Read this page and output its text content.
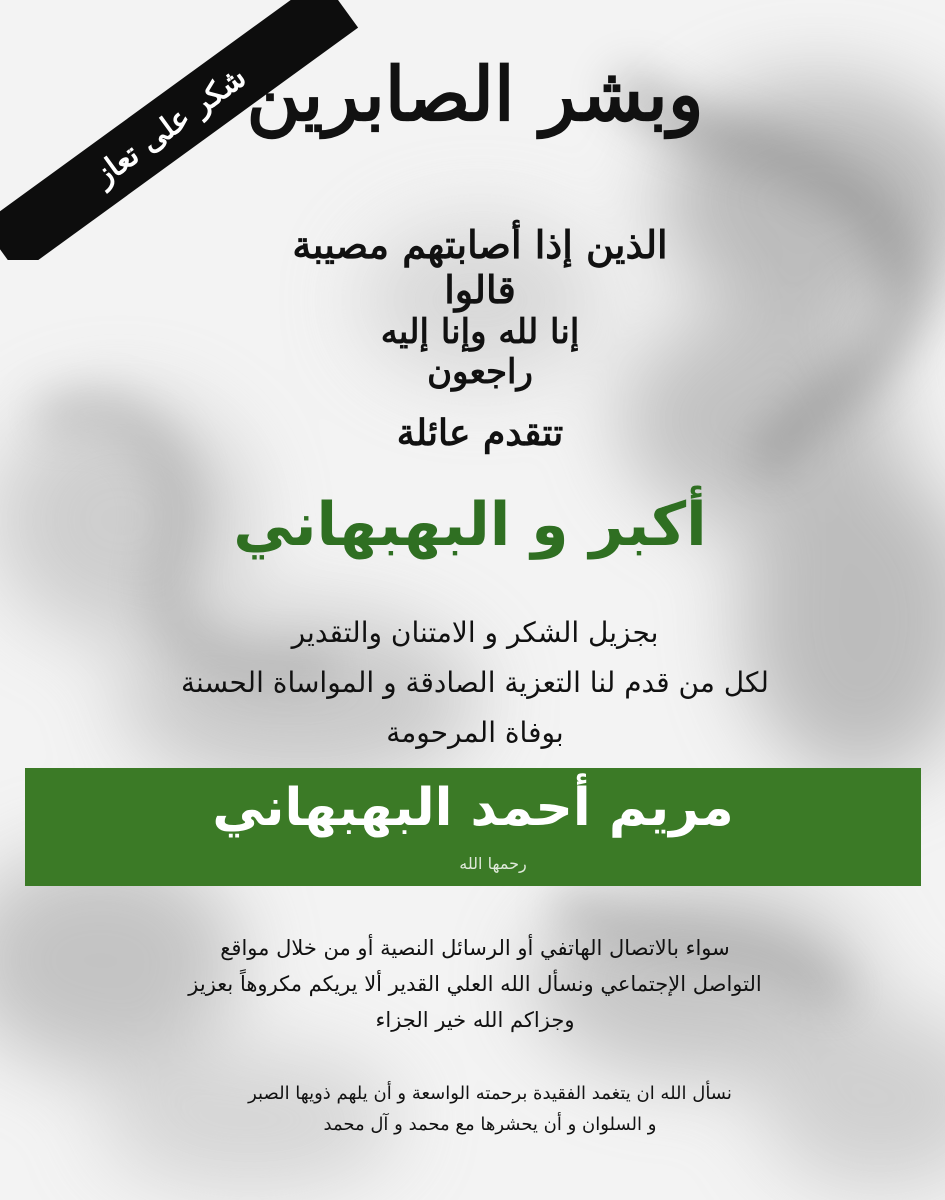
شكر على تعاز
وبشر الصابرين
الذين إذا أصابتهم مصيبة قالوا
إنا لله وإنا إليه راجعون
تتقدم عائلة
أكبر و البهبهاني
بجزيل الشكر و الامتنان والتقدير
لكل من قدم لنا التعزية الصادقة و المواساة الحسنة
بوفاة المرحومة
مريم أحمد البهبهاني
رحمها الله
سواء بالاتصال الهاتفي أو الرسائل النصية أو من خلال مواقع
التواصل الإجتماعي ونسأل الله العلي القدير ألا يريكم مكروهاً بعزيز
وجزاكم الله خير الجزاء
نسأل الله ان يتغمد الفقيدة برحمته الواسعة و أن يلهم ذويها الصبر
و السلوان و أن يحشرها مع محمد و آل محمد
